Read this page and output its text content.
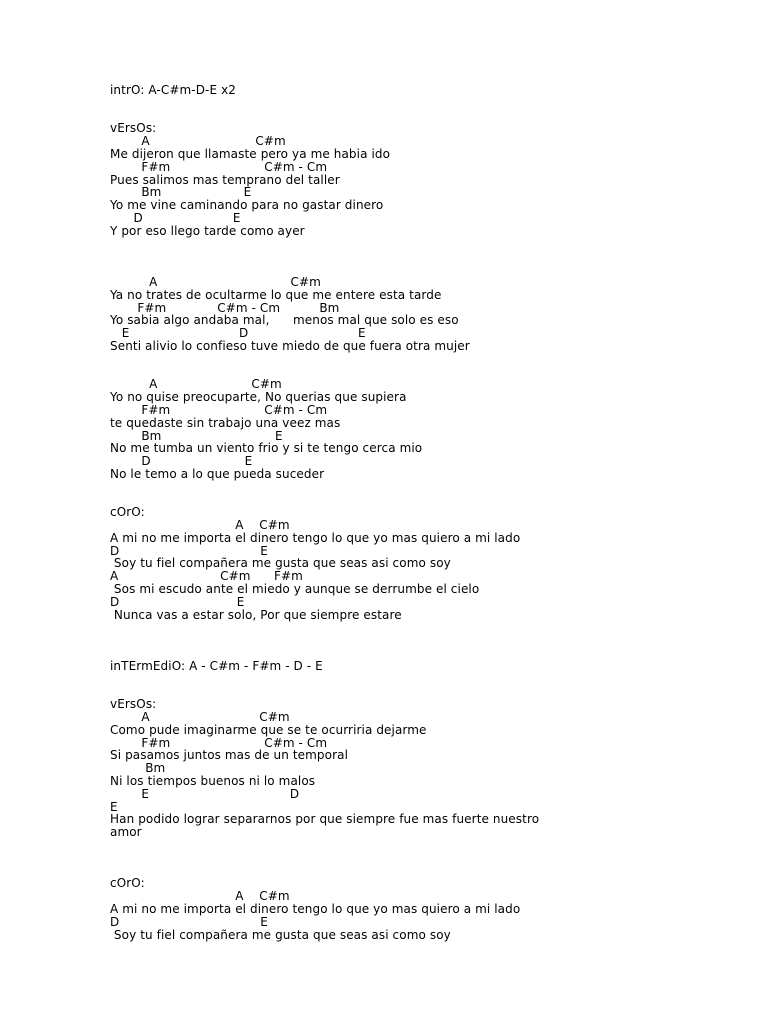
intrO: A-C#m-D-E x2
vErsOs:
A                           C#m
Me dijeron que llamaste pero ya me habia ido
F#m                        C#m - Cm
Pues salimos mas temprano del taller
Bm                     E
Yo me vine caminando para no gastar dinero
D                       E
Y por eso llego tarde como ayer
A                                  C#m
Ya no trates de ocultarme lo que me entere esta tarde
F#m             C#m - Cm          Bm
Yo sabia algo andaba mal,      menos mal que solo es eso
E                            D                            E
Senti alivio lo confieso tuve miedo de que fuera otra mujer
A                        C#m
Yo no quise preocuparte, No querias que supiera
F#m                        C#m - Cm
te quedaste sin trabajo una veez mas
Bm                             E
No me tumba un viento frio y si te tengo cerca mio
D                        E
No le temo a lo que pueda suceder
cOrO:
A    C#m
A mi no me importa el dinero tengo lo que yo mas quiero a mi lado
D                                    E
Soy tu fiel compañera me gusta que seas asi como soy
A                          C#m      F#m
Sos mi escudo ante el miedo y aunque se derrumbe el cielo
D                              E
Nunca vas a estar solo, Por que siempre estare
inTErmEdiO: A - C#m - F#m - D - E
vErsOs:
A                            C#m
Como pude imaginarme que se te ocurriria dejarme
F#m                        C#m - Cm
Si pasamos juntos mas de un temporal
Bm
Ni los tiempos buenos ni lo malos
E                                    D
E
Han podido lograr separarnos por que siempre fue mas fuerte nuestro
amor
cOrO:
A    C#m
A mi no me importa el dinero tengo lo que yo mas quiero a mi lado
D                                    E
Soy tu fiel compañera me gusta que seas asi como soy
